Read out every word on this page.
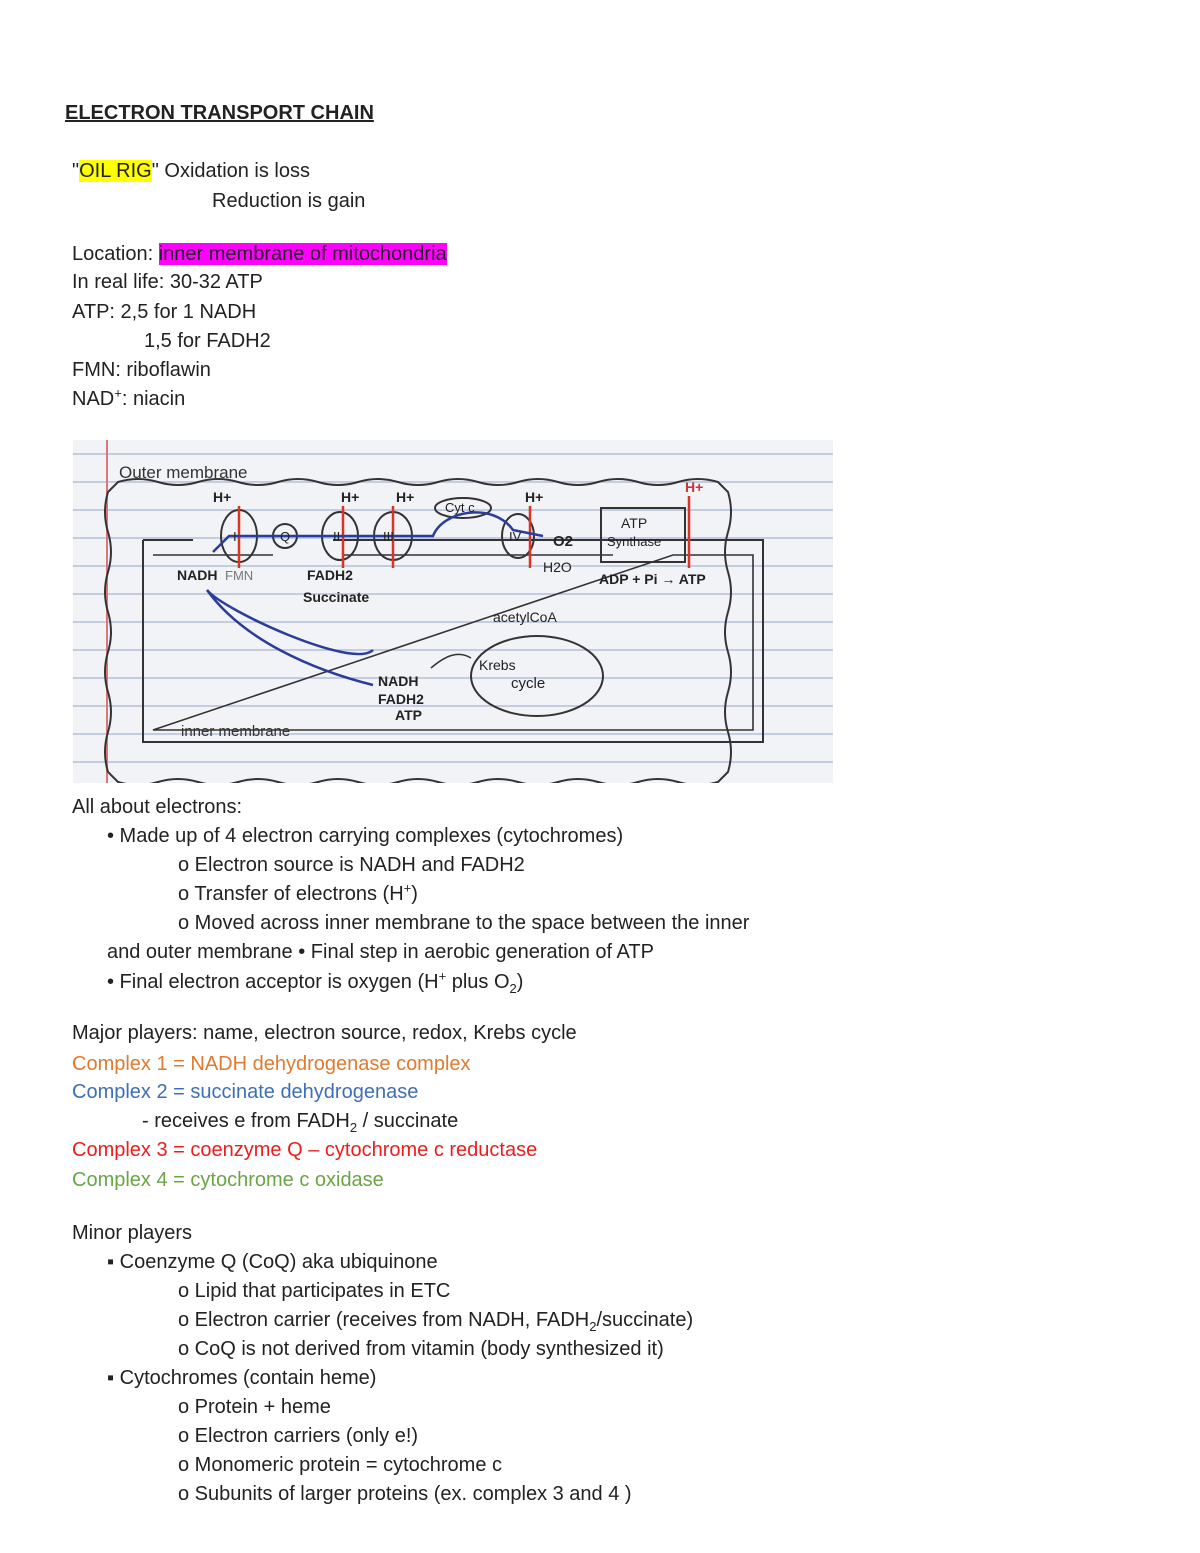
ELECTRON TRANSPORT CHAIN
"OIL RIG" Oxidation is loss
Reduction is gain
Location: inner membrane of mitochondria
In real life: 30-32 ATP
ATP: 2,5 for 1 NADH
1,5 for FADH2
FMN: riboflawin
NAD+: niacin
Outer membrane
inner membrane
H+	H+	H+	H+
H+
I	Q	II	III
Cyt c
IV O2
H2O
ATP
Synthase
ADP + Pi → ATP
NADH FMN	FADH2
Succinate
acetylCoA
Krebs
cycle
NADH
FADH2
ATP
All about electrons:
• Made up of 4 electron carrying complexes (cytochromes)
o Electron source is NADH and FADH2
o Transfer of electrons (H+)
o Moved across inner membrane to the space between the inner
and outer membrane • Final step in aerobic generation of ATP
• Final electron acceptor is oxygen (H+ plus $O_2$)
Major players: name, electron source, redox, Krebs cycle
Complex 1 = NADH dehydrogenase complex
Complex 2 = succinate dehydrogenase
- receives e from $FADH_2$ / succinate
Complex 3 = coenzyme Q – cytochrome c reductase
Complex 4 = cytochrome c oxidase
Minor players
▪ Coenzyme Q (CoQ) aka ubiquinone
o Lipid that participates in ETC
o Electron carrier (receives from NADH, $FADH_2/succinate$)
o CoQ is not derived from vitamin (body synthesized it)
▪ Cytochromes (contain heme)
o Protein + heme
o Electron carriers (only e!)
o Monomeric protein = cytochrome c
o Subunits of larger proteins (ex. complex 3 and 4 )
